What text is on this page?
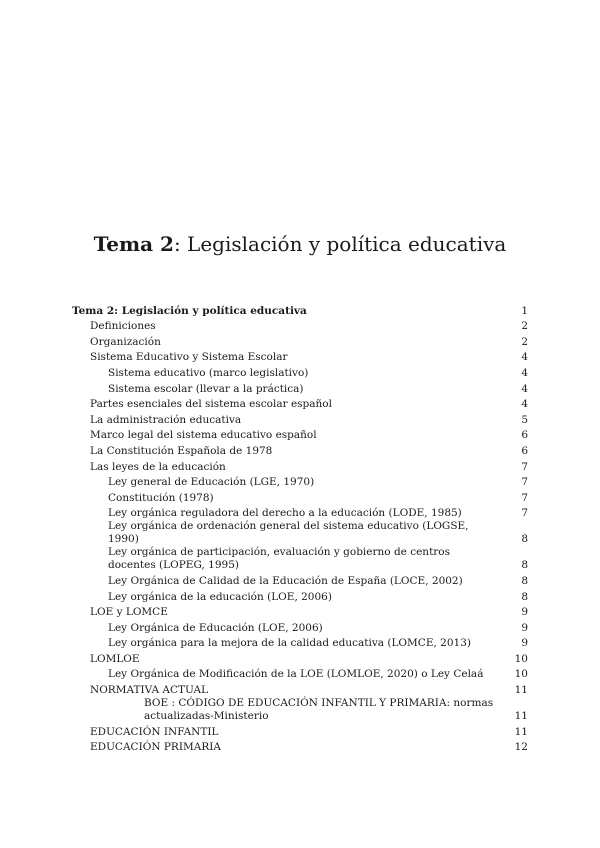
Tema 2: Legislación y política educativa
Tema 2: Legislación y política educativa	1
Definiciones	2
Organización	2
Sistema Educativo y Sistema Escolar	4
Sistema educativo (marco legislativo)	4
Sistema escolar (llevar a la práctica)	4
Partes esenciales del sistema escolar español	4
La administración educativa	5
Marco legal del sistema educativo español	6
La Constitución Española de 1978	6
Las leyes de la educación	7
Ley general de Educación (LGE, 1970)	7
Constitución (1978)	7
Ley orgánica reguladora del derecho a la educación (LODE, 1985)	7
Ley orgánica de ordenación general del sistema educativo (LOGSE, 1990)	8
Ley orgánica de participación, evaluación y gobierno de centros docentes (LOPEG, 1995)	8
Ley Orgánica de Calidad de la Educación de España (LOCE, 2002)	8
Ley orgánica de la educación (LOE, 2006)	8
LOE y LOMCE	9
Ley Orgánica de Educación (LOE, 2006)	9
Ley orgánica para la mejora de la calidad educativa (LOMCE, 2013)	9
LOMLOE	10
Ley Orgánica de Modificación de la LOE (LOMLOE, 2020) o Ley Celaá	10
NORMATIVA ACTUAL	11
BOE : CÓDIGO DE EDUCACIÓN INFANTIL Y PRIMARIA: normas actualizadas-Ministerio	11
EDUCACIÓN INFANTIL	11
EDUCACIÓN PRIMARIA	12
